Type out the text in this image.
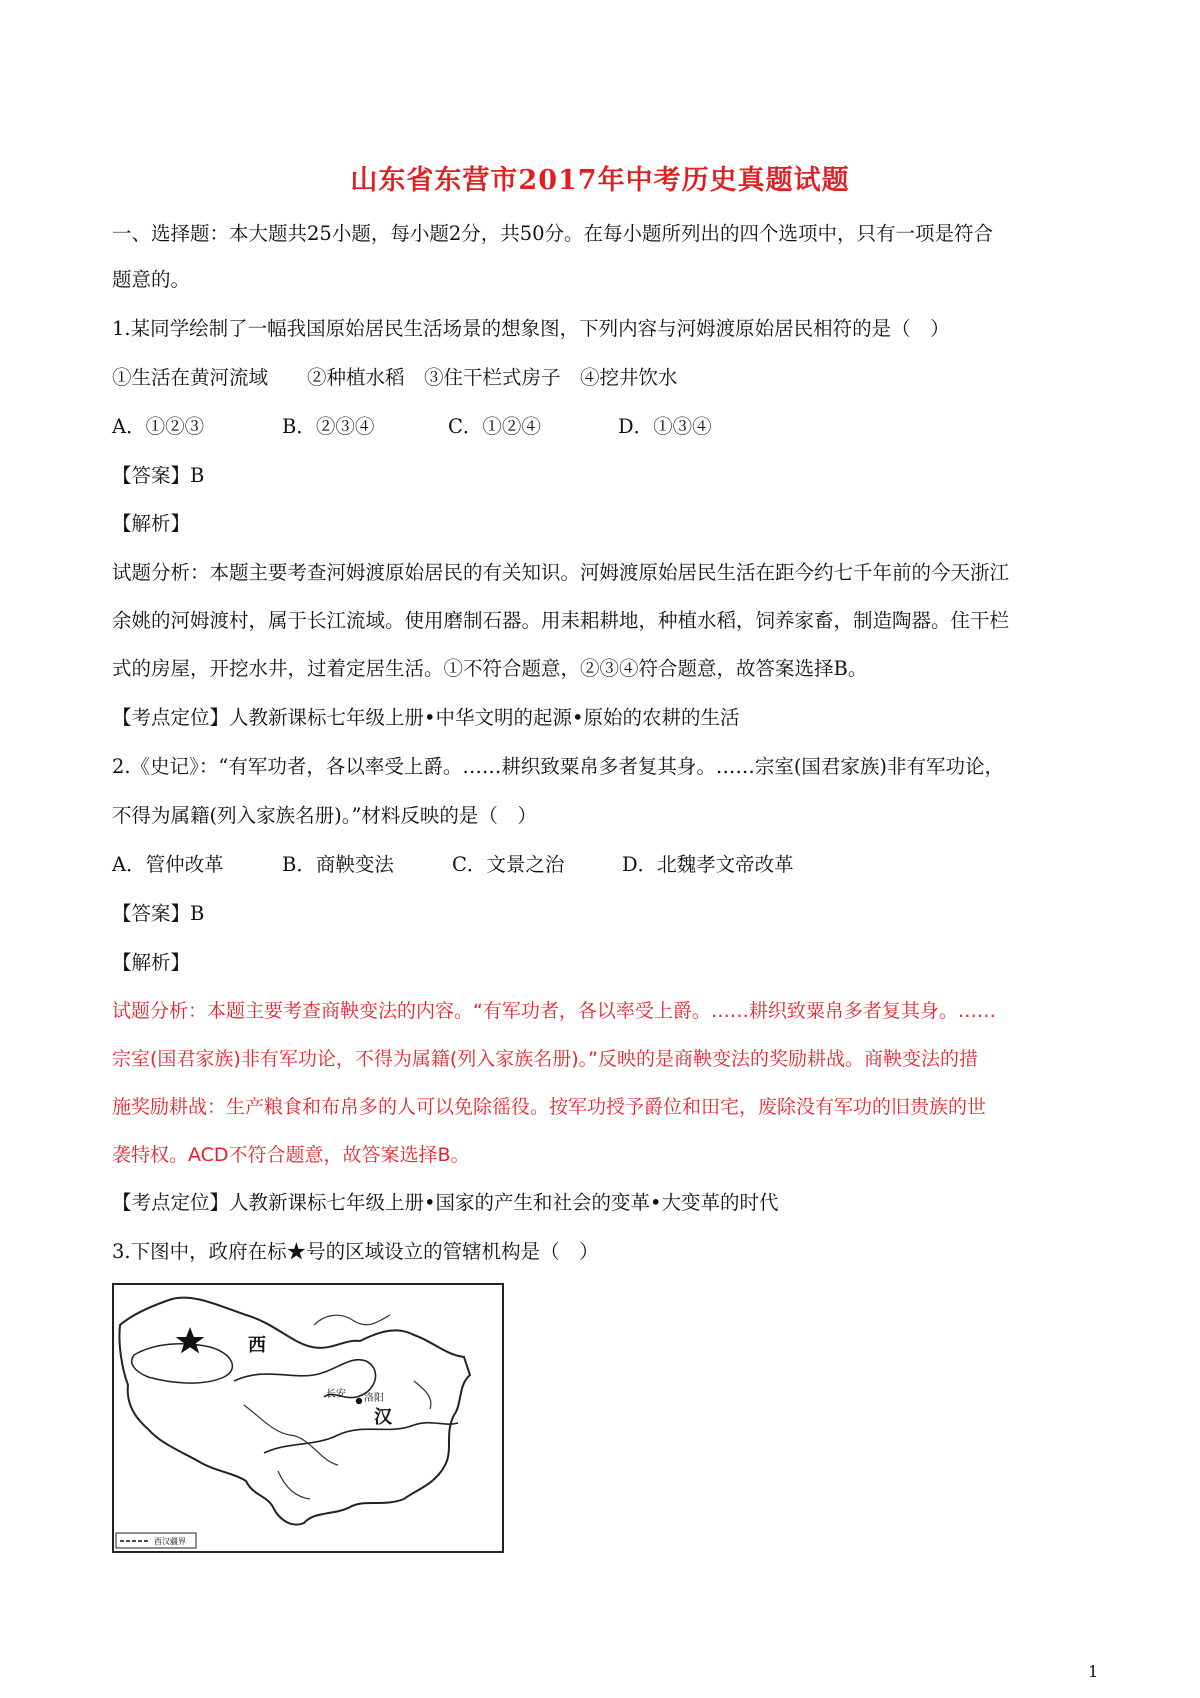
山东省东营市2017年中考历史真题试题
一、选择题：本大题共25小题，每小题2分，共50分。在每小题所列出的四个选项中，只有一项是符合
题意的。
1.某同学绘制了一幅我国原始居民生活场景的想象图，下列内容与河姆渡原始居民相符的是（　）
①生活在黄河流域　　②种植水稻　③住干栏式房子　④挖井饮水
A．①②③	B．②③④	C．①②④	D．①③④
【答案】B
【解析】
试题分析：本题主要考查河姆渡原始居民的有关知识。河姆渡原始居民生活在距今约七千年前的今天浙江
余姚的河姆渡村，属于长江流域。使用磨制石器。用耒耜耕地，种植水稻，饲养家畜，制造陶器。住干栏
式的房屋，开挖水井，过着定居生活。①不符合题意，②③④符合题意，故答案选择B。
【考点定位】人教新课标七年级上册•中华文明的起源•原始的农耕的生活
2.《史记》：“有军功者，各以率受上爵。……耕织致粟帛多者复其身。……宗室(国君家族)非有军功论，
不得为属籍(列入家族名册)。”材料反映的是（　）
A．管仲改革	B．商鞅变法	C．文景之治	D．北魏孝文帝改革
【答案】B
【解析】
试题分析：本题主要考查商鞅变法的内容。“有军功者，各以率受上爵。……耕织致粟帛多者复其身。……
宗室(国君家族)非有军功论，不得为属籍(列入家族名册)。”反映的是商鞅变法的奖励耕战。商鞅变法的措
施奖励耕战：生产粮食和布帛多的人可以免除徭役。按军功授予爵位和田宅，废除没有军功的旧贵族的世
袭特权。ACD不符合题意，故答案选择B。
【考点定位】人教新课标七年级上册•国家的产生和社会的变革•大变革的时代
3.下图中，政府在标★号的区域设立的管辖机构是（　）
西
长安 洛阳
汉
西汉疆界
1
